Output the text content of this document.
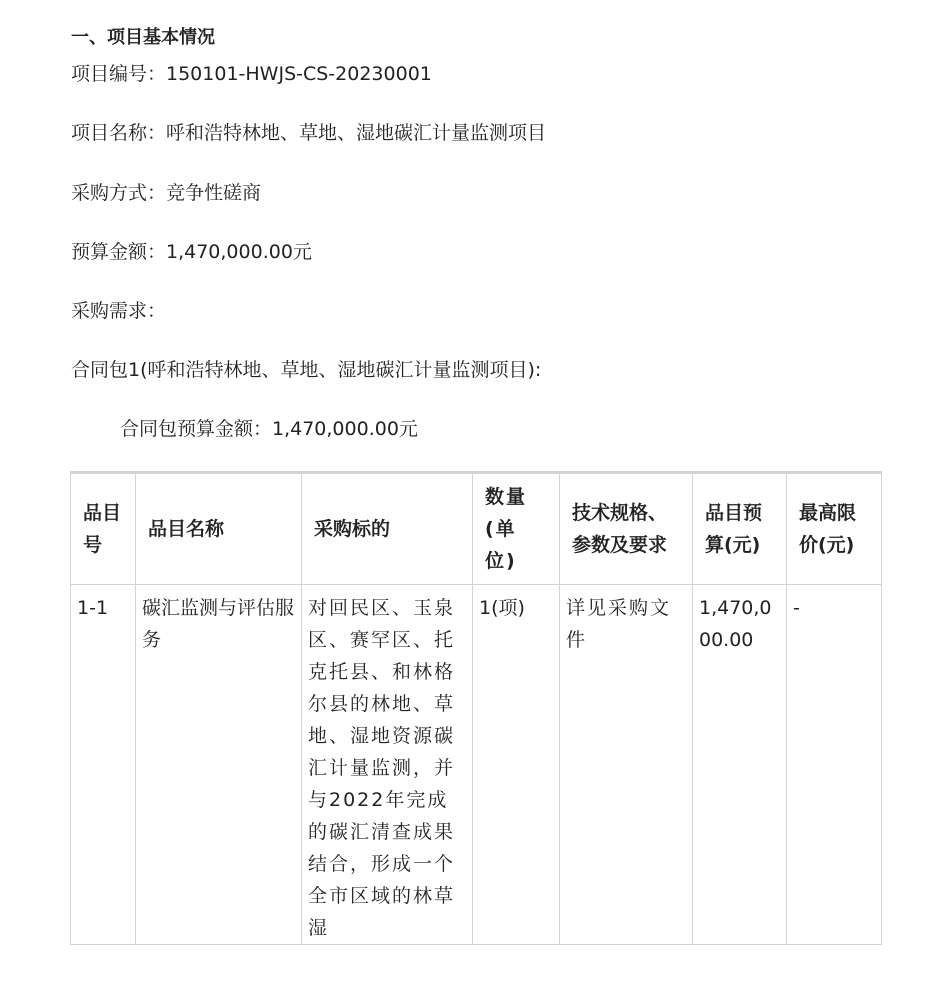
一、项目基本情况
项目编号：150101-HWJS-CS-20230001
项目名称：呼和浩特林地、草地、湿地碳汇计量监测项目
采购方式：竞争性磋商
预算金额：1,470,000.00元
采购需求：
合同包1(呼和浩特林地、草地、湿地碳汇计量监测项目):
合同包预算金额：1,470,000.00元
品目号	品目名称	采购标的	数量(单位)	技术规格、参数及要求	品目预算(元)	最高限价(元)
1-1	碳汇监测与评估服务	对回民区、玉泉区、赛罕区、托克托县、和林格尔县的林地、草地、湿地资源碳汇计量监测，并与2022年完成的碳汇清查成果结合，形成一个全市区域的林草湿	1(项)	详见采购文件	1,470,000.00	-
